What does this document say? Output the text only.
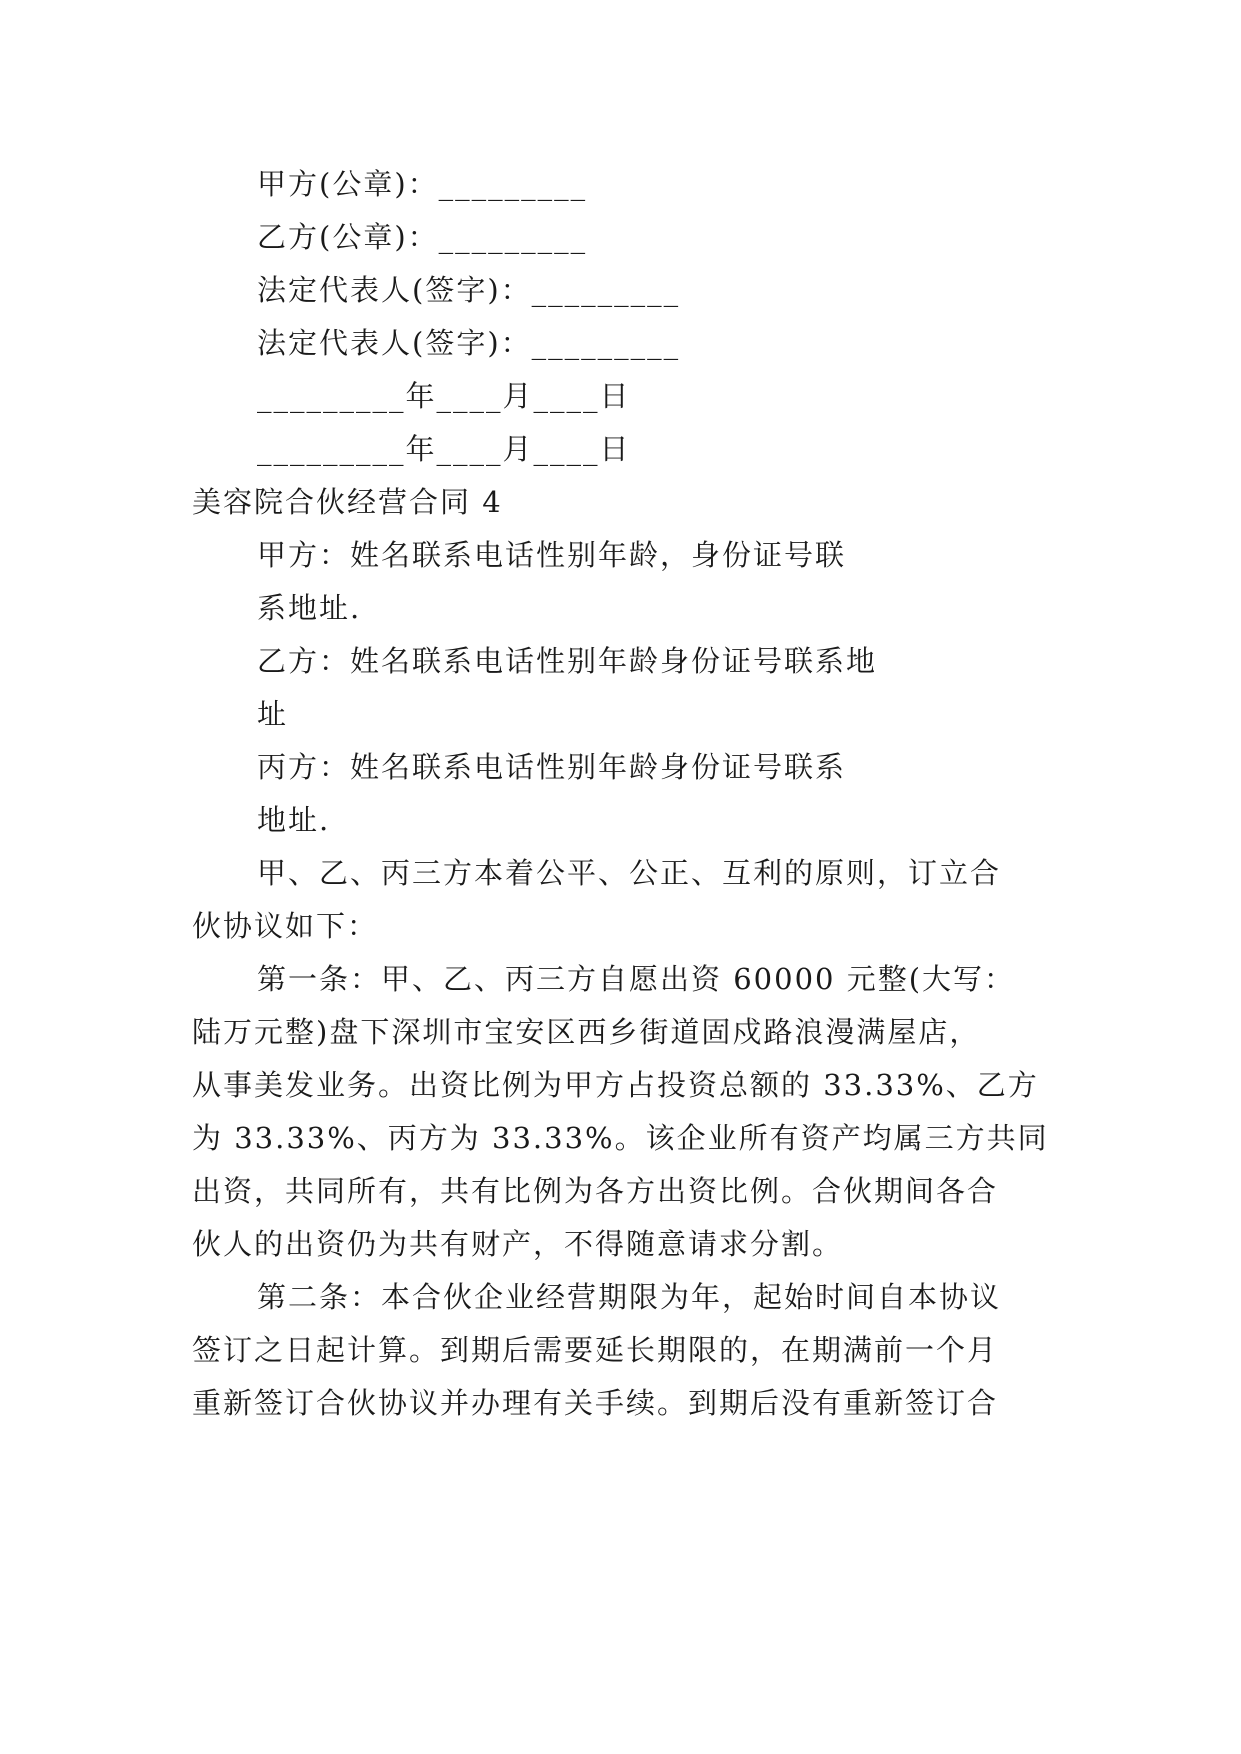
甲方(公章)：_________
乙方(公章)：_________
法定代表人(签字)：_________
法定代表人(签字)：_________
_________年____月____日
_________年____月____日
美容院合伙经营合同 4
甲方：姓名联系电话性别年龄，身份证号联
系地址.
乙方：姓名联系电话性别年龄身份证号联系地
址
丙方：姓名联系电话性别年龄身份证号联系
地址.
甲、乙、丙三方本着公平、公正、互利的原则，订立合
伙协议如下：
第一条：甲、乙、丙三方自愿出资 60000 元整(大写：
陆万元整)盘下深圳市宝安区西乡街道固戍路浪漫满屋店，
从事美发业务。出资比例为甲方占投资总额的 33.33%、乙方
为 33.33%、丙方为 33.33%。该企业所有资产均属三方共同
出资，共同所有，共有比例为各方出资比例。合伙期间各合
伙人的出资仍为共有财产，不得随意请求分割。
第二条：本合伙企业经营期限为年，起始时间自本协议
签订之日起计算。到期后需要延长期限的，在期满前一个月
重新签订合伙协议并办理有关手续。到期后没有重新签订合
